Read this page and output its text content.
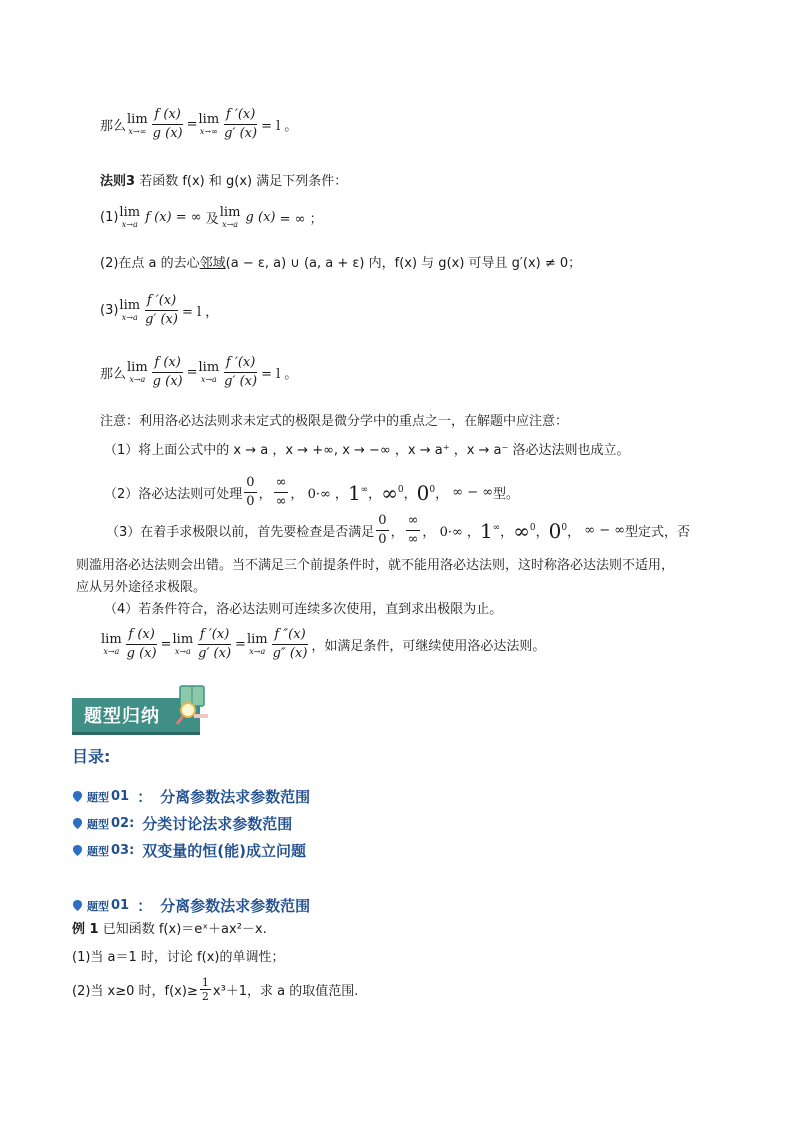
那么 lim
$x\to\infty \frac{f (x)}{g (x)} = \lim$
$x\to\infty \frac{f '(x)}{g' (x)} = l$ 。
法则3
若函数 f(x) 和 g(x) 满足下列条件：
(1) lim
x→a f (x) = ∞ 及 lim
x→a g (x) = ∞ ；
(2)在点 a 的去心 邻域 (a − ε, a) ∪ (a, a + ε) 内，f(x) 与 g(x) 可导且 g′(x) ≠ 0；
(3) lim
$x\to a \frac{f '(x)}{g' (x)} = l$ ，
那么 lim
$x\to a \frac{f (x)}{g (x)} = \lim$
$x\to a \frac{f '(x)}{g' (x)} = l$ 。
注意：利用洛必达法则求未定式的极限是微分学中的重点之一，在解题中应注意：
（1）将上面公式中的 x → a ，x → +∞, x → −∞ ，x → a⁺ ，x → a⁻ 洛必达法则也成立。
（2）洛必达法则可处理 $\frac{0}{0}$ ， $\frac{\infty}{\infty}$ ， 0·∞ ， 1∞ ， ∞$^0$ ， $0^0$ ， ∞ − ∞ 型。
（3）在着手求极限以前，首先要检查是否满足 $\frac{0}{0}$ ， $\frac{\infty}{\infty}$ ， 0·∞ ， 1∞ ， ∞$^0$ ， $0^0$ ， ∞ − ∞ 型定式，否
则滥用洛必达法则会出错。当不满足三个前提条件时，就不能用洛必达法则，这时称洛必达法则不适用，
应从另外途径求极限。
（4）若条件符合，洛必达法则可连续多次使用，直到求出极限为止。
lim
$x\to a \frac{f (x)}{g (x)} = \lim$
$x\to a \frac{f '(x)}{g' (x)} = \lim$
$x\to a \frac{f ''(x)}{g'' (x)}$ ，如满足条件，可继续使用洛必达法则。
题型归纳
目录:
题型 01 ： 分离参数法求参数范围
题型 02: 分类讨论法求参数范围
题型 03: 双变量的恒(能)成立问题
题型 01 ： 分离参数法求参数范围
例 1 已知函数 f(x)＝eˣ＋ax²－x.
(1)当 a＝1 时，讨论 f(x)的单调性；
(2)当 x≥0 时，$f(x)\ge \frac{1}{2} x^3+1$，求 a 的取值范围.
